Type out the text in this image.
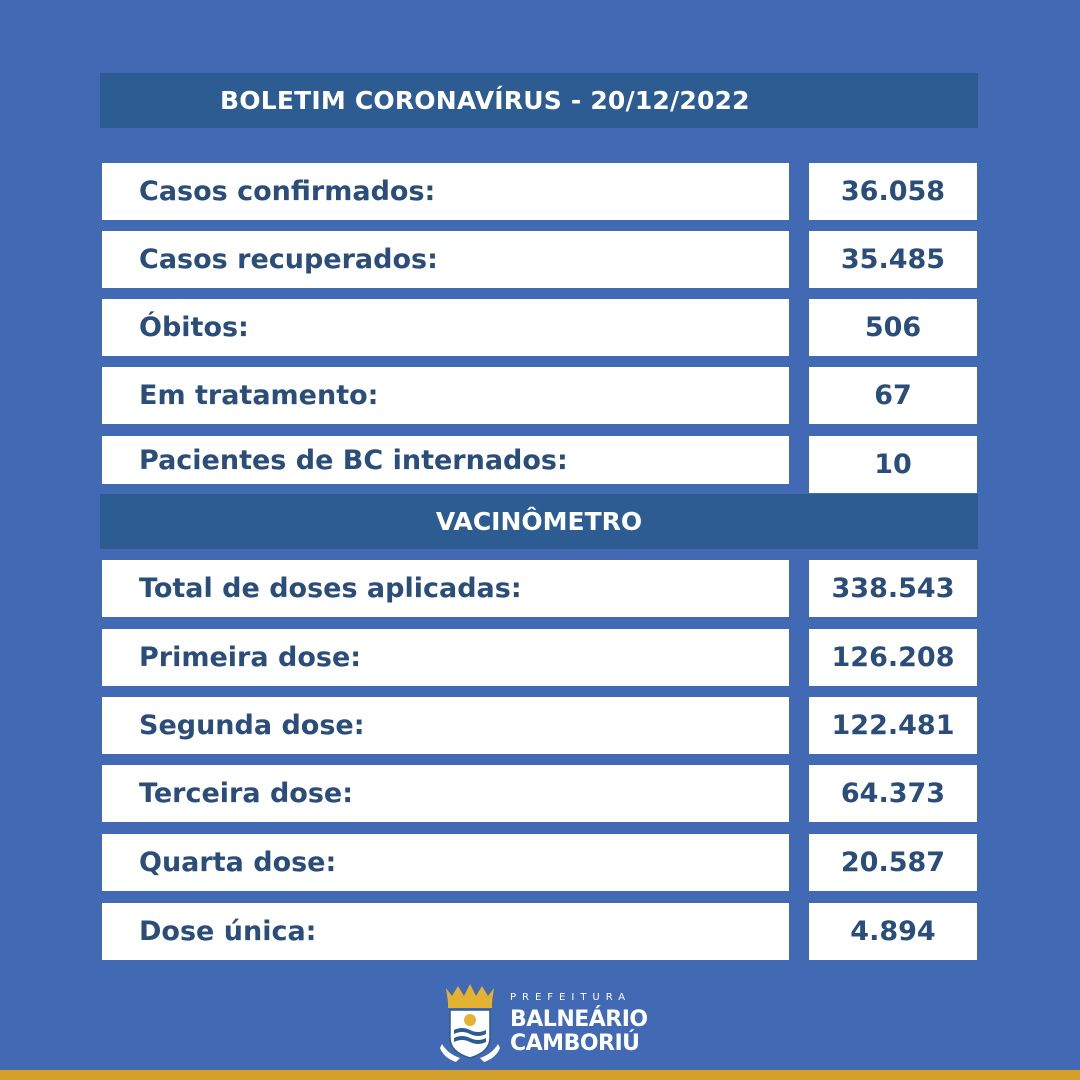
BOLETIM CORONAVÍRUS - 20/12/2022
Casos confirmados:	36.058
Casos recuperados:	35.485
Óbitos:	506
Em tratamento:	67
Pacientes de BC internados:	10
VACINÔMETRO
Total de doses aplicadas:	338.543
Primeira dose:	126.208
Segunda dose:	122.481
Terceira dose:	64.373
Quarta dose:	20.587
Dose única:	4.894
PREFEITURA
BALNEÁRIO
CAMBORIÚ
